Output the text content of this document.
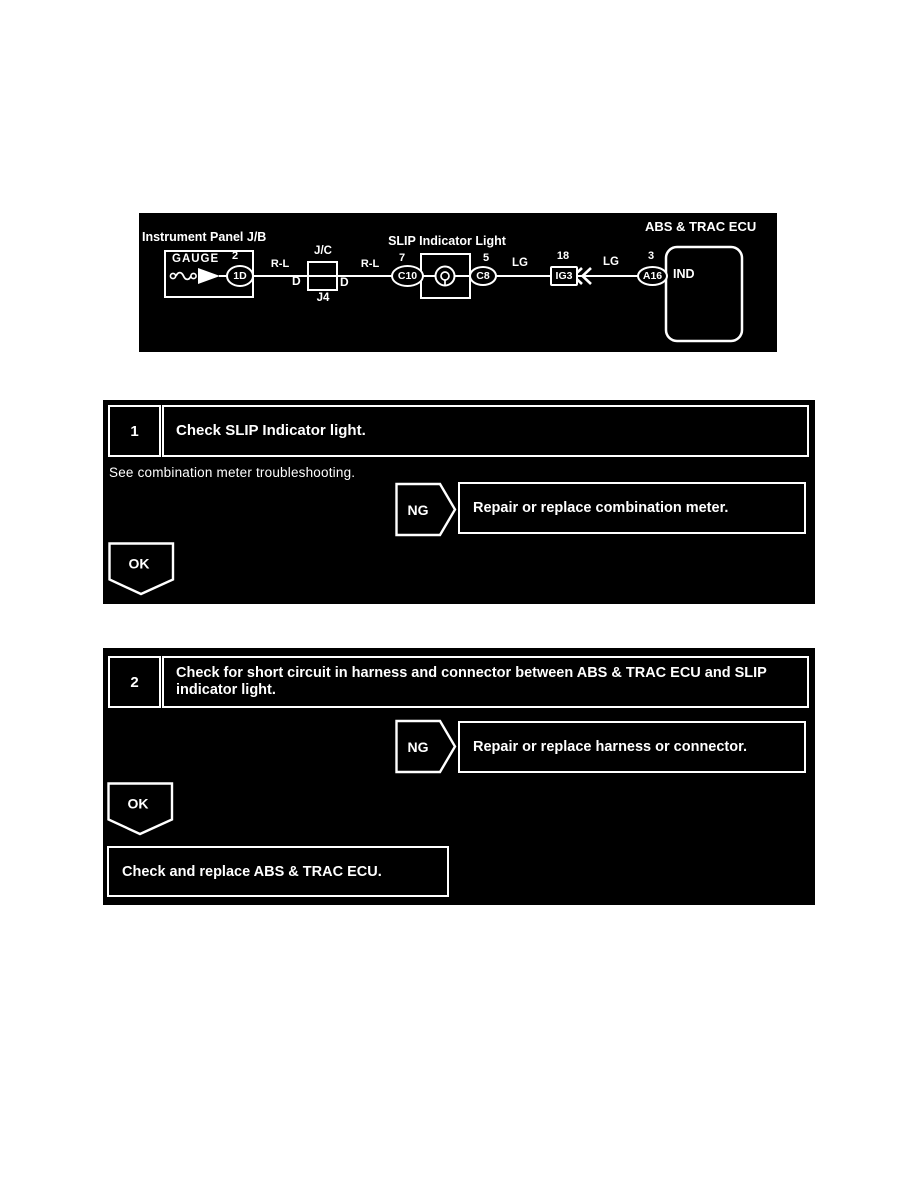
Instrument Panel J/B
GAUGE 2
1D
R-L
J/C
D	D
J4
R-L
SLIP Indicator Light
7
C10
5
C8
LG
18
IG3
LG	3
A16 IND
ABS & TRAC ECU
1	Check SLIP Indicator light.
See combination meter troubleshooting.
NG	Repair or replace combination meter.
OK
2
Check for short circuit in harness and connector between ABS & TRAC ECU and SLIP indicator light.
NG	Repair or replace harness or connector.
OK
Check and replace ABS & TRAC ECU.
